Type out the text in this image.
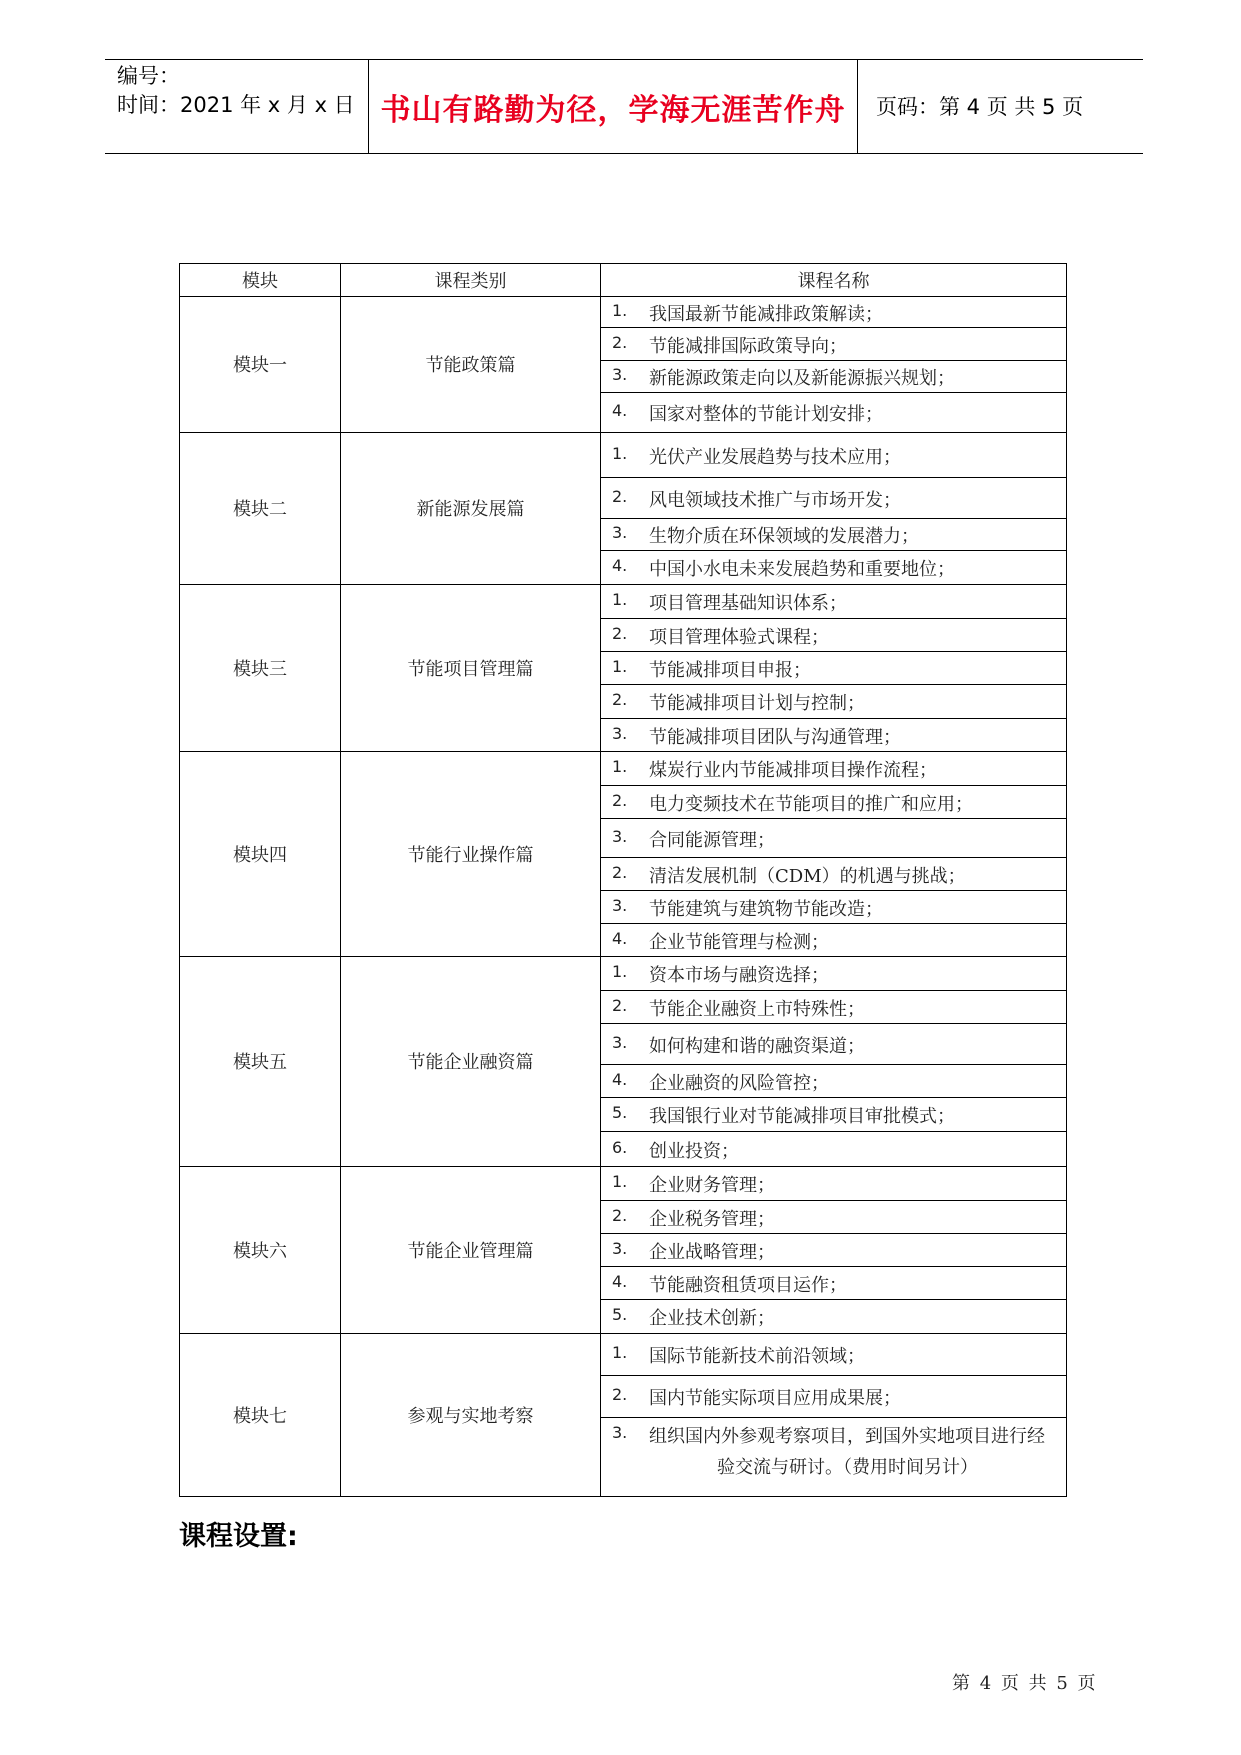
编号：
时间：2021 年 x 月 x 日 书山有路勤为径，学海无涯苦作舟 页码：第 4 页 共 5 页
模块	课程类别	课程名称
模块一	节能政策篇
1. 我国最新节能减排政策解读；
2. 节能减排国际政策导向；
3. 新能源政策走向以及新能源振兴规划；
4. 国家对整体的节能计划安排；
模块二	新能源发展篇
1. 光伏产业发展趋势与技术应用；
2. 风电领域技术推广与市场开发；
3. 生物介质在环保领域的发展潜力；
4. 中国小水电未来发展趋势和重要地位；
模块三	节能项目管理篇
1. 项目管理基础知识体系；
2. 项目管理体验式课程；
1. 节能减排项目申报；
2. 节能减排项目计划与控制；
3. 节能减排项目团队与沟通管理；
模块四	节能行业操作篇
1. 煤炭行业内节能减排项目操作流程；
2. 电力变频技术在节能项目的推广和应用；
3. 合同能源管理；
2. 清洁发展机制（CDM）的机遇与挑战；
3. 节能建筑与建筑物节能改造；
4. 企业节能管理与检测；
模块五	节能企业融资篇
1. 资本市场与融资选择；
2. 节能企业融资上市特殊性；
3. 如何构建和谐的融资渠道；
4. 企业融资的风险管控；
5. 我国银行业对节能减排项目审批模式；
6. 创业投资；
模块六	节能企业管理篇
1. 企业财务管理；
2. 企业税务管理；
3. 企业战略管理；
4. 节能融资租赁项目运作；
5. 企业技术创新；
模块七	参观与实地考察
1. 国际节能新技术前沿领域；
2. 国内节能实际项目应用成果展；
3. 组织国内外参观考察项目，到国外实地项目进行经
验交流与研讨。（费用时间另计）
课程设置:
第 4 页 共 5 页
